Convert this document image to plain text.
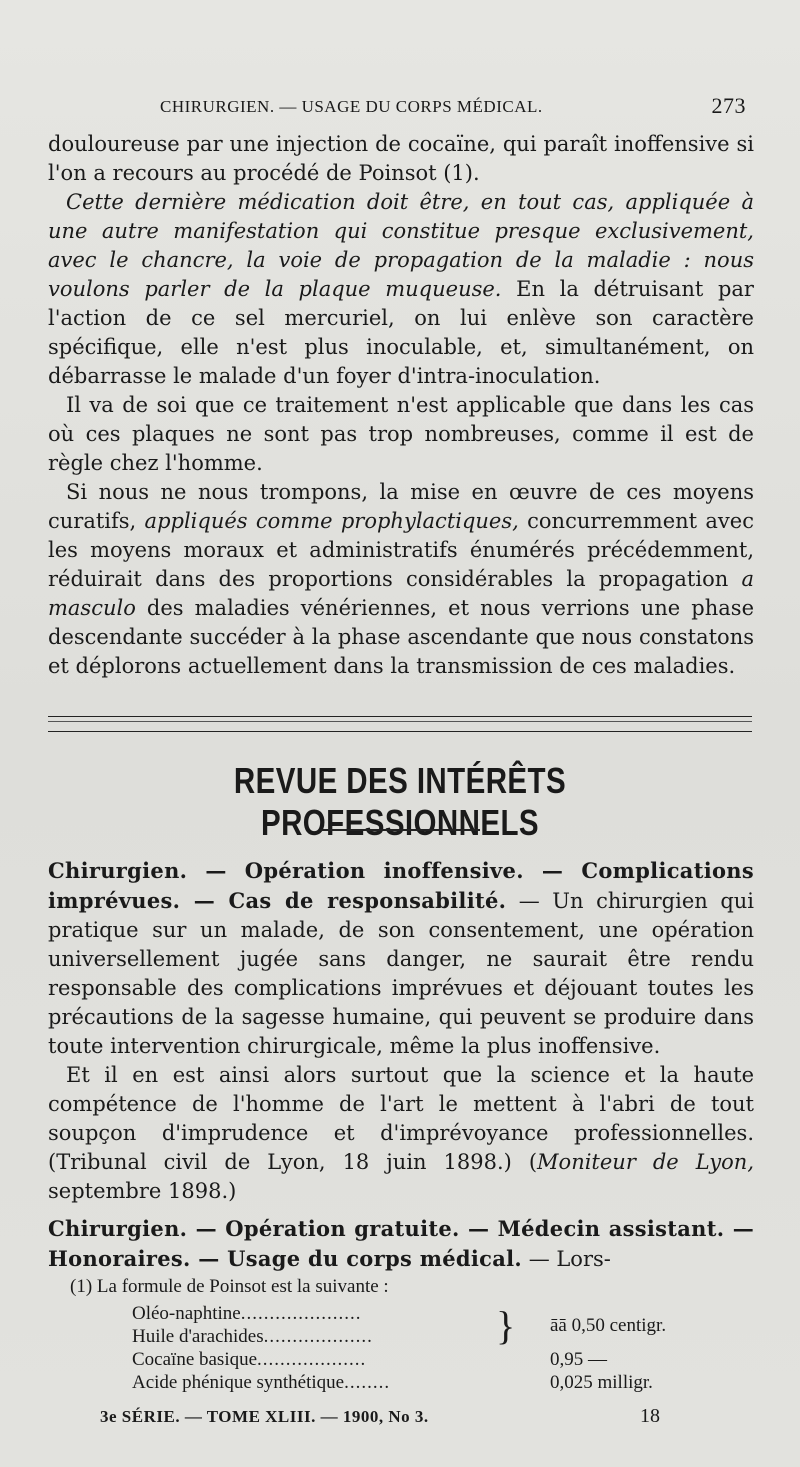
CHIRURGIEN. — USAGE DU CORPS MÉDICAL.	273

douloureuse par une injection de cocaïne, qui paraît inoffensive si l'on a recours au procédé de Poinsot (1).

Cette dernière médication doit être, en tout cas, appliquée à une autre manifestation qui constitue presque exclusivement, avec le chancre, la voie de propagation de la maladie : nous voulons parler de la plaque muqueuse. En la détruisant par l'action de ce sel mercuriel, on lui enlève son caractère spécifique, elle n'est plus inoculable, et, simultanément, on débarrasse le malade d'un foyer d'intra-inoculation.

Il va de soi que ce traitement n'est applicable que dans les cas où ces plaques ne sont pas trop nombreuses, comme il est de règle chez l'homme.

Si nous ne nous trompons, la mise en œuvre de ces moyens curatifs, appliqués comme prophylactiques, concurremment avec les moyens moraux et administratifs énumérés précédemment, réduirait dans des proportions considérables la propagation a masculo des maladies vénériennes, et nous verrions une phase descendante succéder à la phase ascendante que nous constatons et déplorons actuellement dans la transmission de ces maladies.

REVUE DES INTÉRÊTS PROFESSIONNELS

Chirurgien. — Opération inoffensive. — Complications imprévues. — Cas de responsabilité. — Un chirurgien qui pratique sur un malade, de son consentement, une opération universellement jugée sans danger, ne saurait être rendu responsable des complications imprévues et déjouant toutes les précautions de la sagesse humaine, qui peuvent se produire dans toute intervention chirurgicale, même la plus inoffensive.

Et il en est ainsi alors surtout que la science et la haute compétence de l'homme de l'art le mettent à l'abri de tout soupçon d'imprudence et d'imprévoyance professionnelles. (Tribunal civil de Lyon, 18 juin 1898.) (Moniteur de Lyon, septembre 1898.)

Chirurgien. — Opération gratuite. — Médecin assistant. — Honoraires. — Usage du corps médical. — Lors-

(1) La formule de Poinsot est la suivante :
Oléo-naphtine.....................
Huile d'arachides...................	} āā 0,50 centigr.
Cocaïne basique...................	0,95 —
Acide phénique synthétique........	0,025 milligr.
3e SÉRIE. — TOME XLIII. — 1900, No 3.	18
